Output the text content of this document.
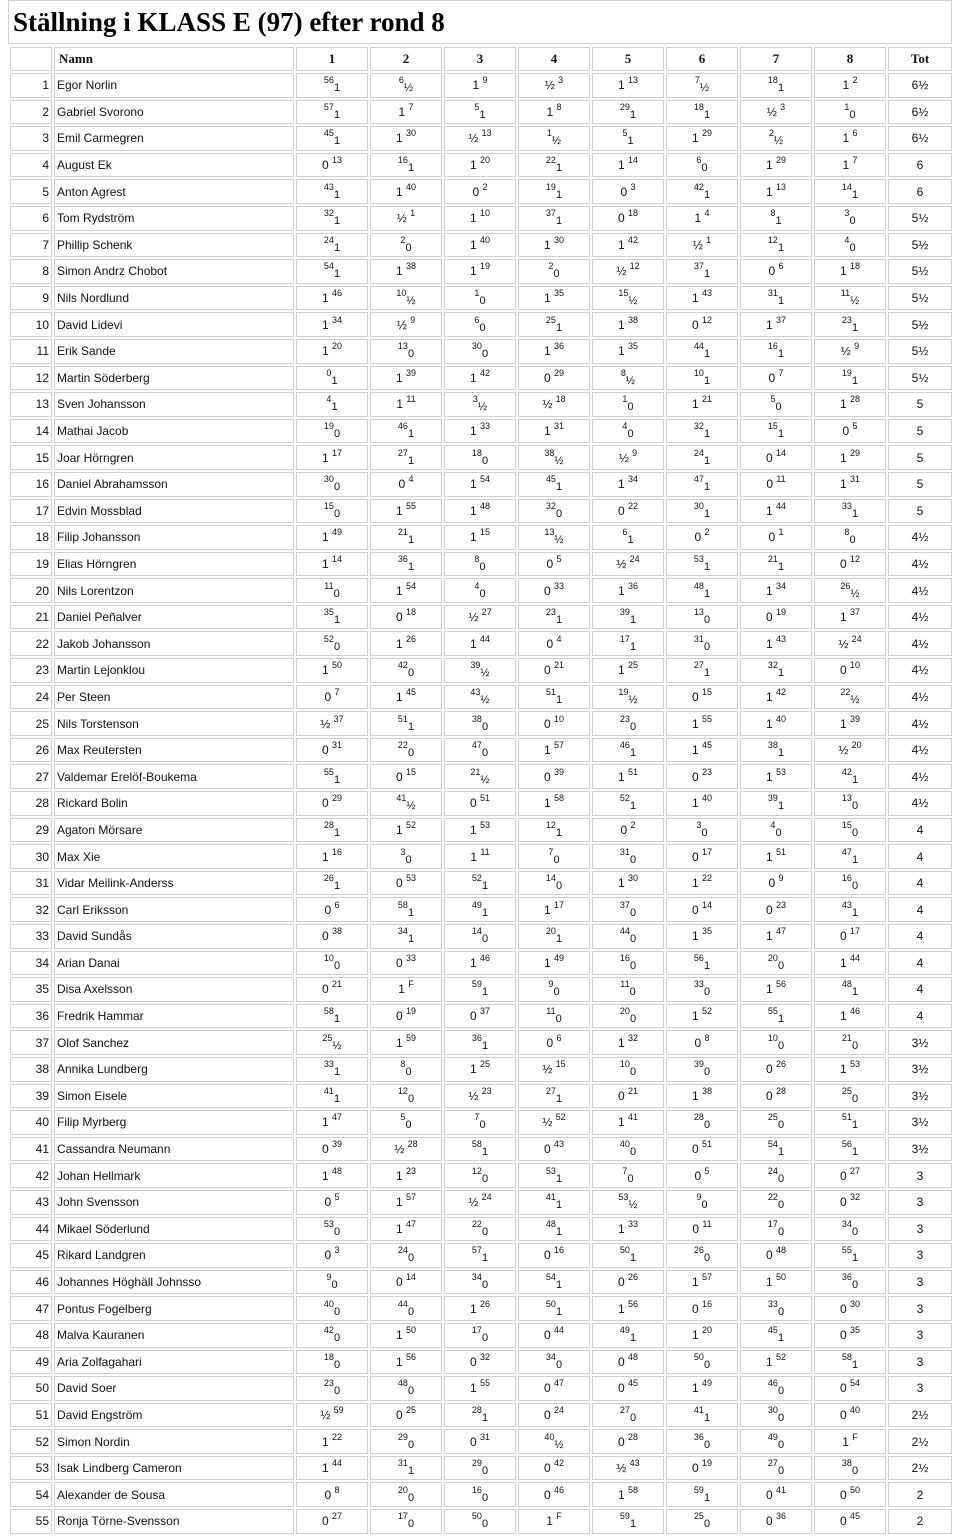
Ställning i KLASS E (97) efter rond 8
	Namn	1	2	3	4	5	6	7	8	Tot
1	Egor Norlin	$^{56}_1$	$^6_{\frac{1}{2}}$	1 $^9$	½ $^3$	1 $^{13}$	$^7_{\frac{1}{2}}$	$^{18}_1$	1 $^2$	6½
2	Gabriel Svorono	$^{57}_1$	1 $^7$	$^5_1$	1 $^8$	$^{29}_1$	$^{18}_1$	½ $^3$	$^1_0$	6½
3	Emil Carmegren	$^{45}_1$	1 $^{30}$	½ $^{13}$	$^1_{\frac{1}{2}}$	$^5_1$	1 $^{29}$	$^2_{\frac{1}{2}}$	1 $^6$	6½
4	August Ek	0 $^{13}$	$^{16}_1$	1 $^{20}$	$^{22}_1$	1 $^{14}$	$^6_0$	1 $^{29}$	1 $^7$	6
5	Anton Agrest	$^{43}_1$	1 $^{40}$	0 $^2$	$^{19}_1$	0 $^3$	$^{42}_1$	1 $^{13}$	$^{14}_1$	6
6	Tom Rydström	$^{32}_1$	½ $^1$	1 $^{10}$	$^{37}_1$	0 $^{18}$	1 $^4$	$^8_1$	$^3_0$	5½
7	Phillip Schenk	$^{24}_1$	$^2_0$	1 $^{40}$	1 $^{30}$	1 $^{42}$	½ $^1$	$^{12}_1$	$^4_0$	5½
8	Simon Andrz Chobot	$^{54}_1$	1 $^{38}$	1 $^{19}$	$^2_0$	½ $^{12}$	$^{37}_1$	0 $^6$	1 $^{18}$	5½
9	Nils Nordlund	1 $^{46}$	$^{10}_{\frac{1}{2}}$	$^1_0$	1 $^{35}$	$^{15}_{\frac{1}{2}}$	1 $^{43}$	$^{31}_1$	$^{11}_{\frac{1}{2}}$	5½
10	David Lidevi	1 $^{34}$	½ $^9$	$^6_0$	$^{25}_1$	1 $^{38}$	0 $^{12}$	1 $^{37}$	$^{23}_1$	5½
11	Erik Sande	1 $^{20}$	$^{13}_0$	$^{30}_0$	1 $^{36}$	1 $^{35}$	$^{44}_1$	$^{16}_1$	½ $^9$	5½
12	Martin Söderberg	$^0_1$	1 $^{39}$	1 $^{42}$	0 $^{29}$	$^8_{\frac{1}{2}}$	$^{10}_1$	0 $^7$	$^{19}_1$	5½
13	Sven Johansson	$^4_1$	1 $^{11}$	$^3_{\frac{1}{2}}$	½ $^{18}$	$^1_0$	1 $^{21}$	$^5_0$	1 $^{28}$	5
14	Mathai Jacob	$^{19}_0$	$^{46}_1$	1 $^{33}$	1 $^{31}$	$^4_0$	$^{32}_1$	$^{15}_1$	0 $^5$	5
15	Joar Hörngren	1 $^{17}$	$^{27}_1$	$^{18}_0$	$^{38}_{\frac{1}{2}}$	½ $^9$	$^{24}_1$	0 $^{14}$	1 $^{29}$	5
16	Daniel Abrahamsson	$^{30}_0$	0 $^4$	1 $^{54}$	$^{45}_1$	1 $^{34}$	$^{47}_1$	0 $^{11}$	1 $^{31}$	5
17	Edvin Mossblad	$^{15}_0$	1 $^{55}$	1 $^{48}$	$^{32}_0$	0 $^{22}$	$^{30}_1$	1 $^{44}$	$^{33}_1$	5
18	Filip Johansson	1 $^{49}$	$^{21}_1$	1 $^{15}$	$^{13}_{\frac{1}{2}}$	$^6_1$	0 $^2$	0 $^1$	$^8_0$	4½
19	Elias Hörngren	1 $^{14}$	$^{36}_1$	$^8_0$	0 $^5$	½ $^{24}$	$^{53}_1$	$^{21}_1$	0 $^{12}$	4½
20	Nils Lorentzon	$^{11}_0$	1 $^{54}$	$^4_0$	0 $^{33}$	1 $^{36}$	$^{48}_1$	1 $^{34}$	$^{26}_{\frac{1}{2}}$	4½
21	Daniel Peñalver	$^{35}_1$	0 $^{18}$	½ $^{27}$	$^{23}_1$	$^{39}_1$	$^{13}_0$	0 $^{19}$	1 $^{37}$	4½
22	Jakob Johansson	$^{52}_0$	1 $^{26}$	1 $^{44}$	0 $^4$	$^{17}_1$	$^{31}_0$	1 $^{43}$	½ $^{24}$	4½
23	Martin Lejonklou	1 $^{50}$	$^{42}_0$	$^{39}_{\frac{1}{2}}$	0 $^{21}$	1 $^{25}$	$^{27}_1$	$^{32}_1$	0 $^{10}$	4½
24	Per Steen	0 $^7$	1 $^{45}$	$^{43}_{\frac{1}{2}}$	$^{51}_1$	$^{19}_{\frac{1}{2}}$	0 $^{15}$	1 $^{42}$	$^{22}_{\frac{1}{2}}$	4½
25	Nils Torstenson	½ $^{37}$	$^{51}_1$	$^{38}_0$	0 $^{10}$	$^{23}_0$	1 $^{55}$	1 $^{40}$	1 $^{39}$	4½
26	Max Reutersten	0 $^{31}$	$^{22}_0$	$^{47}_0$	1 $^{57}$	$^{46}_1$	1 $^{45}$	$^{38}_1$	½ $^{20}$	4½
27	Valdemar Erelöf-Boukema	$^{55}_1$	0 $^{15}$	$^{21}_{\frac{1}{2}}$	0 $^{39}$	1 $^{51}$	0 $^{23}$	1 $^{53}$	$^{42}_1$	4½
28	Rickard Bolin	0 $^{29}$	$^{41}_{\frac{1}{2}}$	0 $^{51}$	1 $^{58}$	$^{52}_1$	1 $^{40}$	$^{39}_1$	$^{13}_0$	4½
29	Agaton Mörsare	$^{28}_1$	1 $^{52}$	1 $^{53}$	$^{12}_1$	0 $^2$	$^3_0$	$^4_0$	$^{15}_0$	4
30	Max Xie	1 $^{16}$	$^3_0$	1 $^{11}$	$^7_0$	$^{31}_0$	0 $^{17}$	1 $^{51}$	$^{47}_1$	4
31	Vidar Meilink-Anderss	$^{26}_1$	0 $^{53}$	$^{52}_1$	$^{14}_0$	1 $^{30}$	1 $^{22}$	0 $^9$	$^{16}_0$	4
32	Carl Eriksson	0 $^6$	$^{58}_1$	$^{49}_1$	1 $^{17}$	$^{37}_0$	0 $^{14}$	0 $^{23}$	$^{43}_1$	4
33	David Sundås	0 $^{38}$	$^{34}_1$	$^{14}_0$	$^{20}_1$	$^{44}_0$	1 $^{35}$	1 $^{47}$	0 $^{17}$	4
34	Arian Danai	$^{10}_0$	0 $^{33}$	1 $^{46}$	1 $^{49}$	$^{16}_0$	$^{56}_1$	$^{20}_0$	1 $^{44}$	4
35	Disa Axelsson	0 $^{21}$	1 $^F$	$^{59}_1$	$^9_0$	$^{11}_0$	$^{33}_0$	1 $^{56}$	$^{48}_1$	4
36	Fredrik Hammar	$^{58}_1$	0 $^{19}$	0 $^{37}$	$^{11}_0$	$^{20}_0$	1 $^{52}$	$^{55}_1$	1 $^{46}$	4
37	Olof Sanchez	$^{25}_{\frac{1}{2}}$	1 $^{59}$	$^{36}_1$	0 $^6$	1 $^{32}$	0 $^8$	$^{10}_0$	$^{21}_0$	3½
38	Annika Lundberg	$^{33}_1$	$^8_0$	1 $^{25}$	½ $^{15}$	$^{10}_0$	$^{39}_0$	0 $^{26}$	1 $^{53}$	3½
39	Simon Eisele	$^{41}_1$	$^{12}_0$	½ $^{23}$	$^{27}_1$	0 $^{21}$	1 $^{38}$	0 $^{28}$	$^{25}_0$	3½
40	Filip Myrberg	1 $^{47}$	$^5_0$	$^7_0$	½ $^{52}$	1 $^{41}$	$^{28}_0$	$^{25}_0$	$^{51}_1$	3½
41	Cassandra Neumann	0 $^{39}$	½ $^{28}$	$^{58}_1$	0 $^{43}$	$^{40}_0$	0 $^{51}$	$^{54}_1$	$^{56}_1$	3½
42	Johan Hellmark	1 $^{48}$	1 $^{23}$	$^{12}_0$	$^{53}_1$	$^7_0$	0 $^5$	$^{24}_0$	0 $^{27}$	3
43	John Svensson	0 $^5$	1 $^{57}$	½ $^{24}$	$^{41}_1$	$^{53}_{\frac{1}{2}}$	$^9_0$	$^{22}_0$	0 $^{32}$	3
44	Mikael Söderlund	$^{53}_0$	1 $^{47}$	$^{22}_0$	$^{48}_1$	1 $^{33}$	0 $^{11}$	$^{17}_0$	$^{34}_0$	3
45	Rikard Landgren	0 $^3$	$^{24}_0$	$^{57}_1$	0 $^{16}$	$^{50}_1$	$^{26}_0$	0 $^{48}$	$^{55}_1$	3
46	Johannes Höghäll Johnsso	$^9_0$	0 $^{14}$	$^{34}_0$	$^{54}_1$	0 $^{26}$	1 $^{57}$	1 $^{50}$	$^{36}_0$	3
47	Pontus Fogelberg	$^{40}_0$	$^{44}_0$	1 $^{26}$	$^{50}_1$	1 $^{56}$	0 $^{16}$	$^{33}_0$	0 $^{30}$	3
48	Malva Kauranen	$^{42}_0$	1 $^{50}$	$^{17}_0$	0 $^{44}$	$^{49}_1$	1 $^{20}$	$^{45}_1$	0 $^{35}$	3
49	Aria Zolfagahari	$^{18}_0$	1 $^{56}$	0 $^{32}$	$^{34}_0$	0 $^{48}$	$^{50}_0$	1 $^{52}$	$^{58}_1$	3
50	David Soer	$^{23}_0$	$^{48}_0$	1 $^{55}$	0 $^{47}$	0 $^{45}$	1 $^{49}$	$^{46}_0$	0 $^{54}$	3
51	David Engström	½ $^{59}$	0 $^{25}$	$^{28}_1$	0 $^{24}$	$^{27}_0$	$^{41}_1$	$^{30}_0$	0 $^{40}$	2½
52	Simon Nordin	1 $^{22}$	$^{29}_0$	0 $^{31}$	$^{40}_{\frac{1}{2}}$	0 $^{28}$	$^{36}_0$	$^{49}_0$	1 $^F$	2½
53	Isak Lindberg Cameron	1 $^{44}$	$^{31}_1$	$^{29}_0$	0 $^{42}$	½ $^{43}$	0 $^{19}$	$^{27}_0$	$^{38}_0$	2½
54	Alexander de Sousa	0 $^8$	$^{20}_0$	$^{16}_0$	0 $^{46}$	1 $^{58}$	$^{59}_1$	0 $^{41}$	0 $^{50}$	2
55	Ronja Törne-Svensson	0 $^{27}$	$^{17}_0$	$^{50}_0$	1 $^F$	$^{59}_1$	$^{25}_0$	0 $^{36}$	0 $^{45}$	2
